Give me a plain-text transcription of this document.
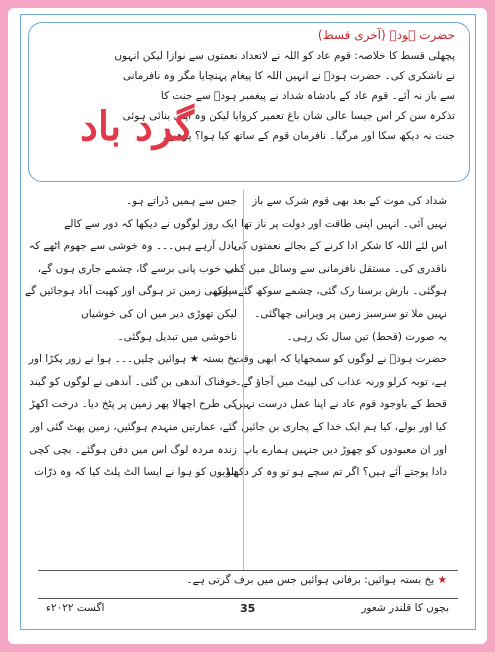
حضرت ہودؑ (آخری قسط)

پچھلی قسط کا خلاصہ: قوم عاد کو اللہ نے لاتعداد نعمتوں سے نوازا لیکن انہوں

نے ناشکری کی۔ حضرت ہودؑ نے انہیں اللہ کا پیغام پہنچایا مگر وہ نافرمانی

سے باز نہ آئے۔ قوم عاد کے بادشاہ شداد نے پیغمبر ہودؑ سے جنت کا

تذکرہ سن کر اس جیسا عالی شان باغ تعمیر کروایا لیکن وہ اپنی بنائی ہوئی

جنت نہ دیکھ سکا اور مرگیا۔ نافرمان قوم کے ساتھ کیا ہوا؟ پڑھیے۔

گرد باد

شداد کی موت کے بعد بھی قوم شرک سے باز

نہیں آئی۔ انہیں اپنی طاقت اور دولت پر ناز تھا

اس لئے اللہ کا شکر ادا کرنے کے بجائے نعمتوں کی

ناقدری کی۔ مستقل نافرمانی سے وسائل میں کمی

ہوگئی۔ بارش برسنا رک گئی، چشمے سوکھ گئے، پانی

نہیں ملا تو سرسبز زمین پر ویرانی چھاگئی۔

یہ صورت (قحط) تین سال تک رہی۔

حضرت ہودؑ نے لوگوں کو سمجھایا کہ ابھی وقت

ہے، توبہ کرلو ورنہ عذاب کی لپیٹ میں آجاؤ گے۔

قحط کے باوجود قوم عاد نے اپنا عمل درست نہیں

کیا اور بولے، کیا ہم ایک خدا کے پجاری بن جائیں

اور ان معبودوں کو چھوڑ دیں جنہیں ہمارے باپ

دادا پوجتے آئے ہیں؟ اگر تم سچے ہو تو وہ کر دکھاؤ

جس سے ہمیں ڈراتے ہو۔

ایک روز لوگوں نے دیکھا کہ دور سے کالے

بادل آرہے ہیں۔۔۔ وہ خوشی سے جھوم اٹھے کہ

اب خوب پانی برسے گا، چشمے جاری ہوں گے،

سوکھی زمین تر ہوگی اور کھیت آباد ہوجائیں گے

لیکن تھوڑی دیر میں ان کی خوشیاں

ناخوشی میں تبدیل ہوگئی۔

یخ بستہ ★ ہوائیں چلیں۔۔۔ ہوا نے زور پکڑا اور

خوفناک آندھی بن گئی۔ آندھی نے لوگوں کو گیند

کی طرح اچھالا پھر زمین پر پٹخ دیا۔ درخت اکھڑ

گئے، عمارتیں منہدم ہوگئیں، زمین پھٹ گئی اور

زندہ مردہ لوگ اس میں دفن ہوگئے۔ بچی کچی

ہڈیوں کو ہوا نے ایسا الٹ پلٹ کیا کہ وہ ذرّات

★ یخ بستہ ہوائیں: برفانی ہوائیں جس میں برف گرتی ہے۔
بچوں کا قلندر شعور
35
اگست ۲۰۲۲ء
